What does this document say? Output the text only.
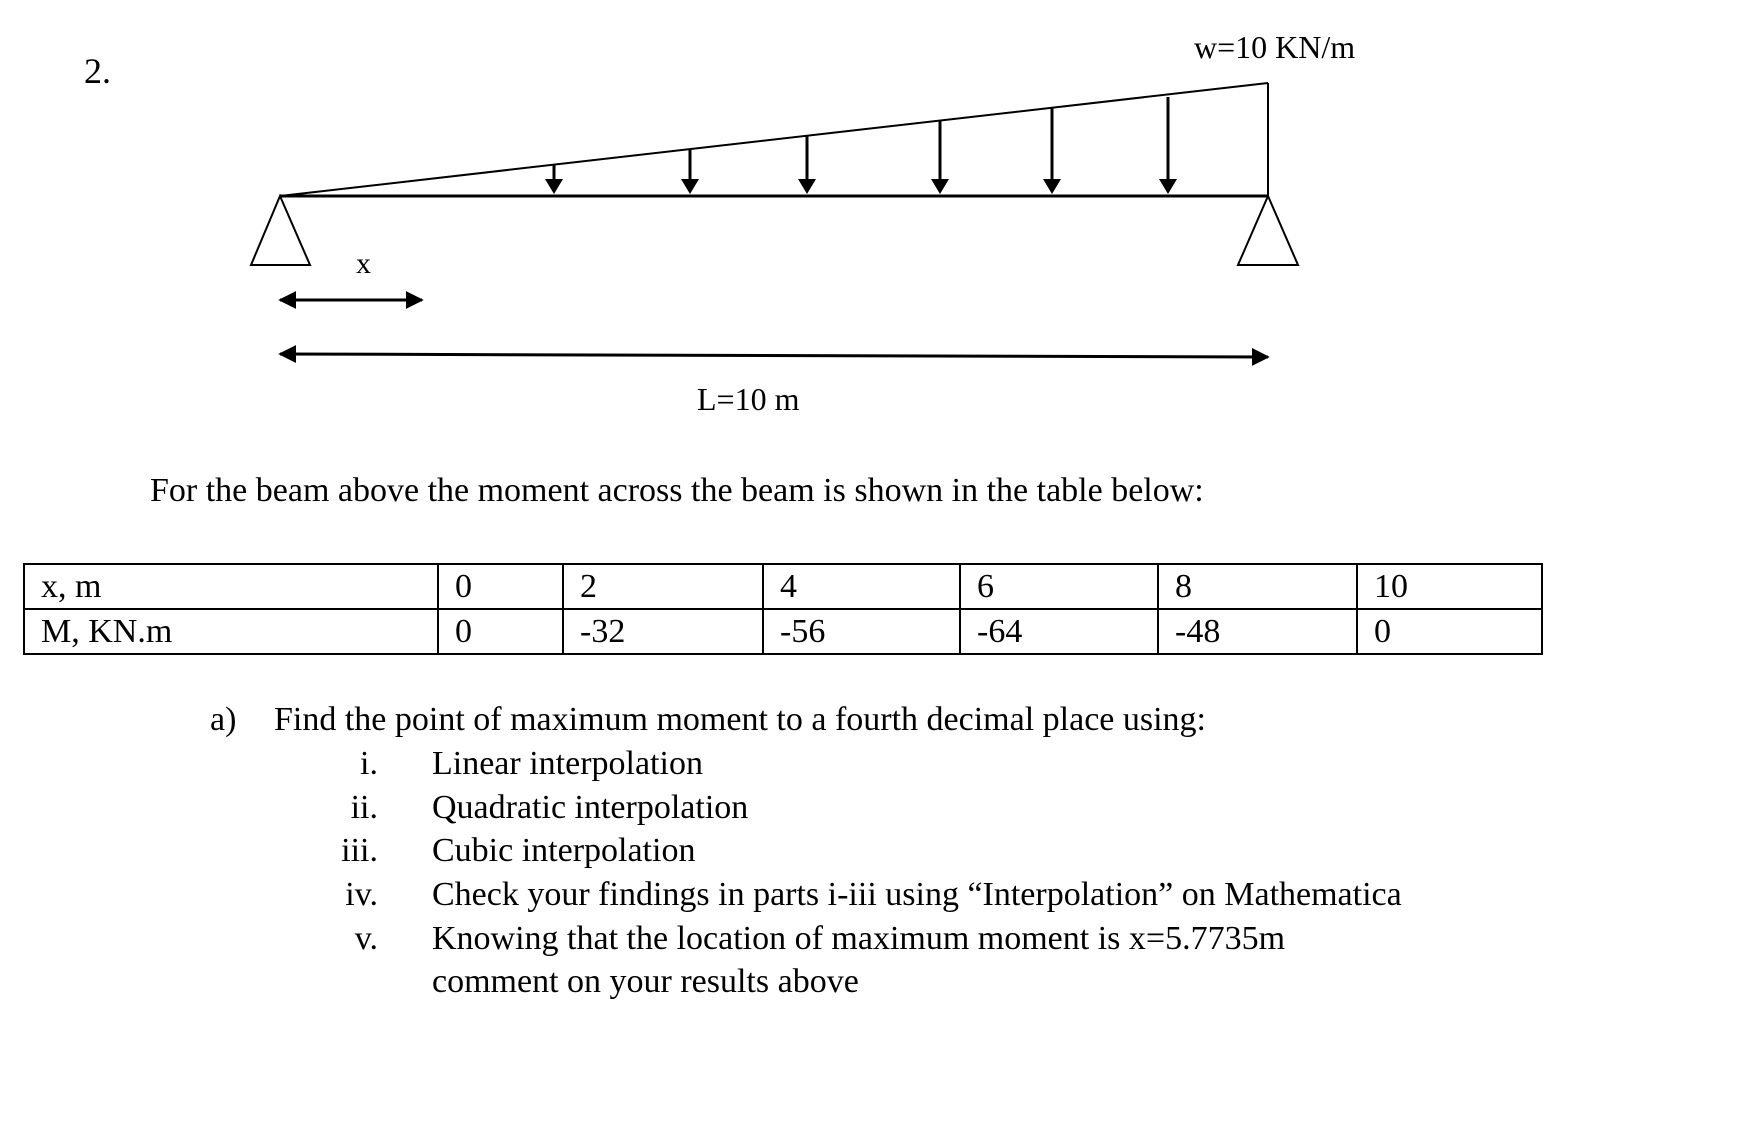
2.
w=10 KN/m
x
L=10 m
For the beam above the moment across the beam is shown in the table below:
x, m	0	2	4	6	8	10
M, KN.m	0	-32	-56	-64	-48	0
a) Find the point of maximum moment to a fourth decimal place using:
i. Linear interpolation
ii. Quadratic interpolation
iii. Cubic interpolation
iv. Check your findings in parts i-iii using “Interpolation” on Mathematica
v. Knowing that the location of maximum moment is x=5.7735m
comment on your results above
